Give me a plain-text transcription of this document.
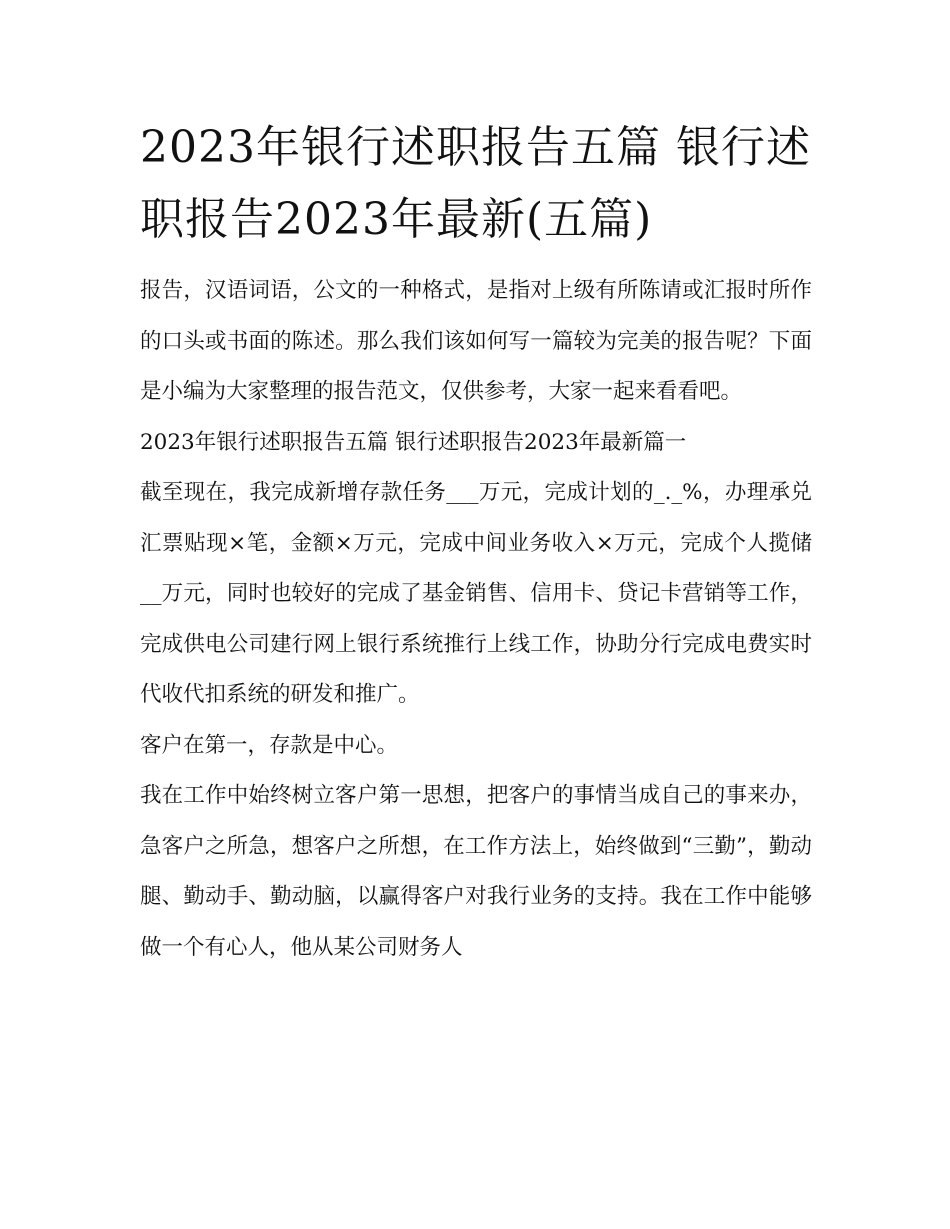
2023年银行述职报告五篇 银行述职报告2023年最新(五篇)

报告，汉语词语，公文的一种格式，是指对上级有所陈请或汇报时所作的口头或书面的陈述。那么我们该如何写一篇较为完美的报告呢？下面是小编为大家整理的报告范文，仅供参考，大家一起来看看吧。

2023年银行述职报告五篇 银行述职报告2023年最新篇一

截至现在，我完成新增存款任务___万元，完成计划的_._%，办理承兑汇票贴现×笔，金额×万元，完成中间业务收入×万元，完成个人揽储__万元，同时也较好的完成了基金销售、信用卡、贷记卡营销等工作，完成供电公司建行网上银行系统推行上线工作，协助分行完成电费实时代收代扣系统的研发和推广。

客户在第一，存款是中心。

我在工作中始终树立客户第一思想，把客户的事情当成自己的事来办，急客户之所急，想客户之所想，在工作方法上，始终做到“三勤”，勤动腿、勤动手、勤动脑，以赢得客户对我行业务的支持。我在工作中能够做一个有心人，他从某公司财务人
